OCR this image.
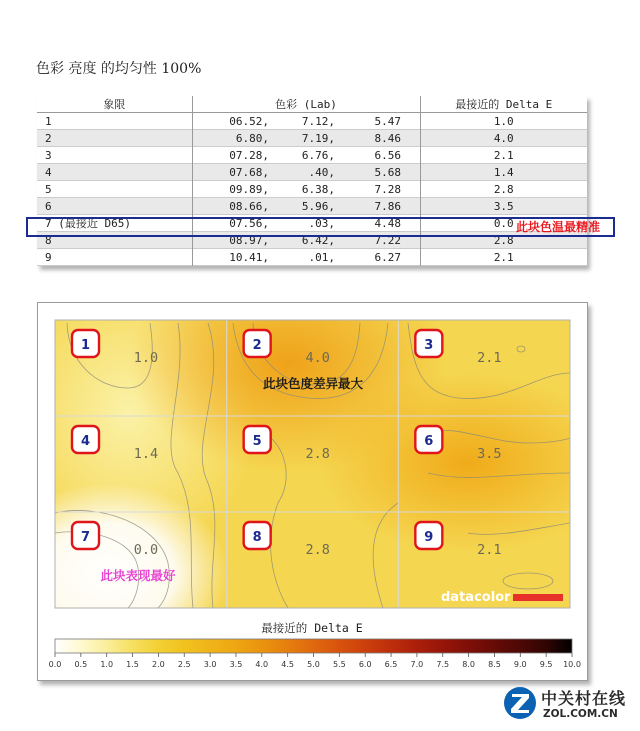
色彩 亮度 的均匀性 100%
象限	色彩 (Lab)	最接近的 Delta E
1	06.52, 7.12, 5.47	1.0
2	6.80, 7.19, 8.46	4.0
3	07.28, 6.76, 6.56	2.1
4	07.68, .40, 5.68	1.4
5	09.89, 6.38, 7.28	2.8
6	08.66, 5.96, 7.86	3.5
7 (最接近 D65)	07.56, .03, 4.48	0.0
8	08.97, 6.42, 7.22	2.8
9	10.41, .01, 6.27	2.1
此块色温最精准
1
1.0
2
4.0
3
2.1
4
1.4
5
2.8
6
3.5
7
0.0
8
2.8
9
2.1
此块色度差异最大
此块表现最好
datacolor
最接近的 Delta E
0.0 0.5 1.0 1.5 2.0 2.5 3.0 3.5 4.0 4.5 5.0 5.5 6.0 6.5 7.0 7.5 8.0 8.5 9.0 9.5 10.0
中关村在线
ZOL.COM.CN
